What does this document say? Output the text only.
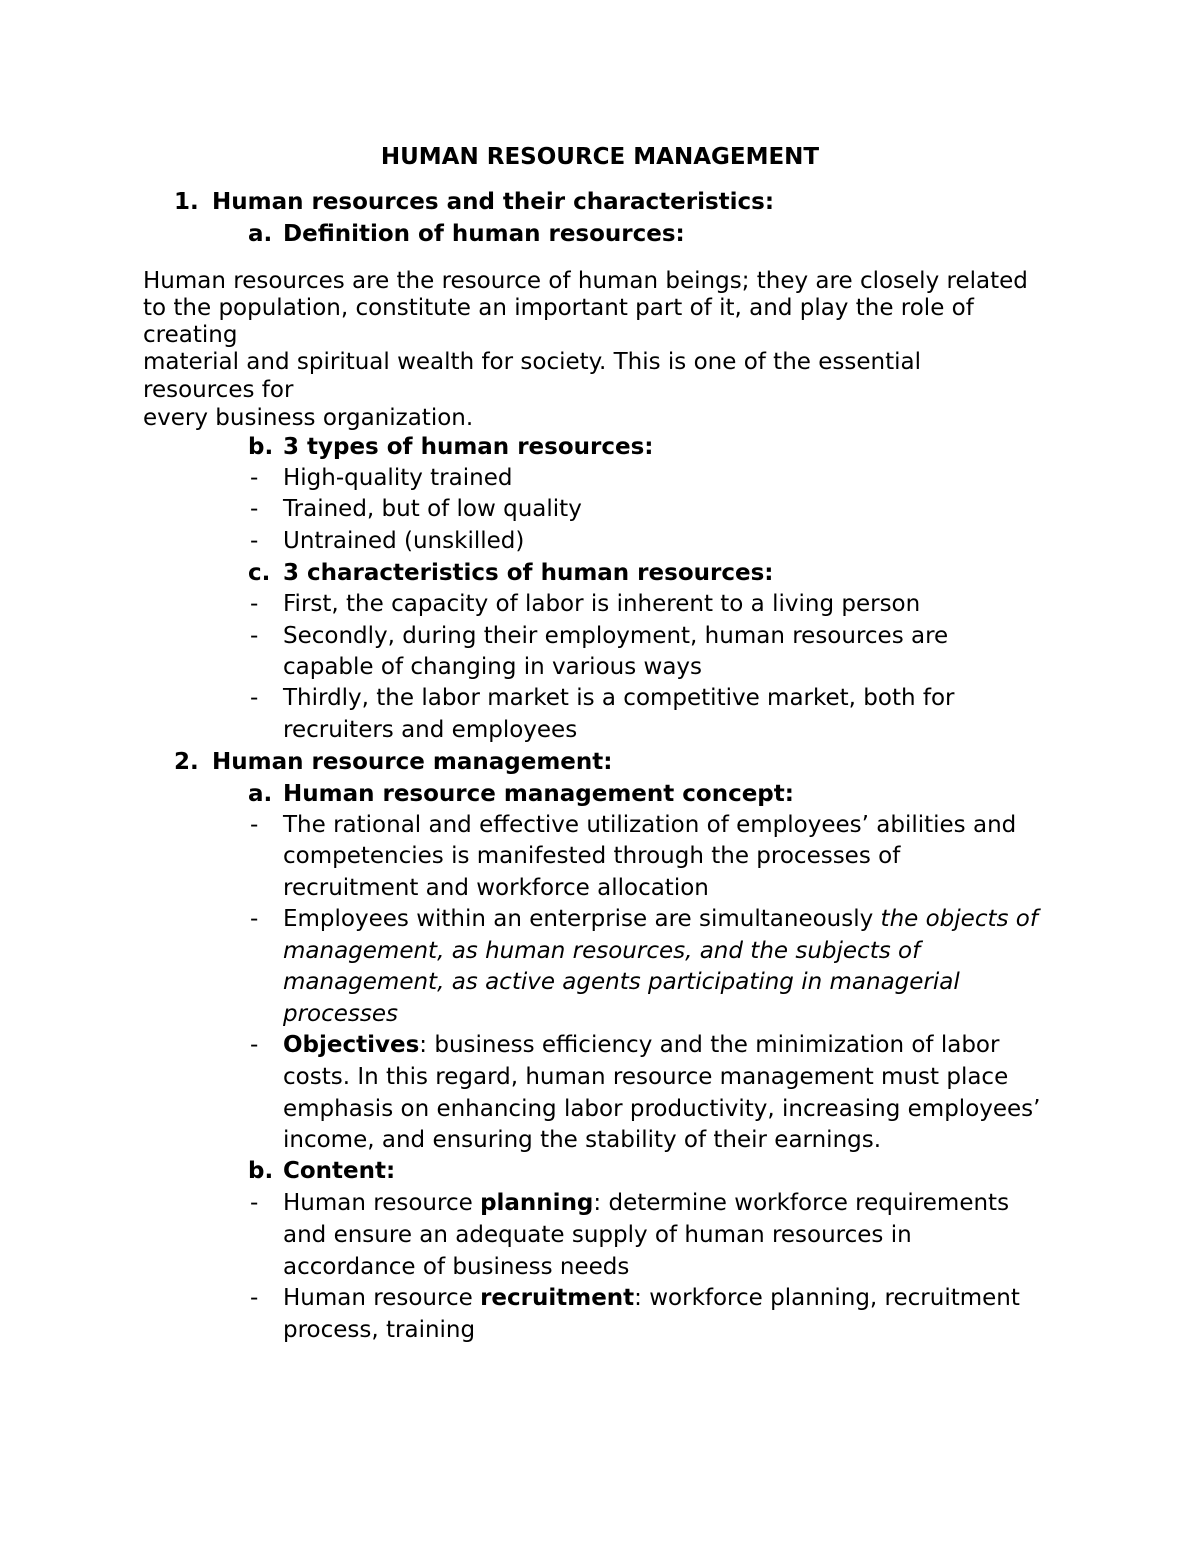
HUMAN RESOURCE MANAGEMENT
1. Human resources and their characteristics:
a. Definition of human resources:
Human resources are the resource of human beings; they are closely related
to the population, constitute an important part of it, and play the role of
creating
material and spiritual wealth for society. This is one of the essential
resources for
every business organization.
b. 3 types of human resources:
- High-quality trained
- Trained, but of low quality
- Untrained (unskilled)
c. 3 characteristics of human resources:
- First, the capacity of labor is inherent to a living person
- Secondly, during their employment, human resources are
capable of changing in various ways
- Thirdly, the labor market is a competitive market, both for
recruiters and employees
2. Human resource management:
a. Human resource management concept:
- The rational and effective utilization of employees’ abilities and
competencies is manifested through the processes of
recruitment and workforce allocation
- Employees within an enterprise are simultaneously the objects of
management, as human resources, and the subjects of
management, as active agents participating in managerial
processes
- Objectives: business efficiency and the minimization of labor
costs. In this regard, human resource management must place
emphasis on enhancing labor productivity, increasing employees’
income, and ensuring the stability of their earnings.
b. Content:
- Human resource planning: determine workforce requirements
and ensure an adequate supply of human resources in
accordance of business needs
- Human resource recruitment: workforce planning, recruitment
process, training
